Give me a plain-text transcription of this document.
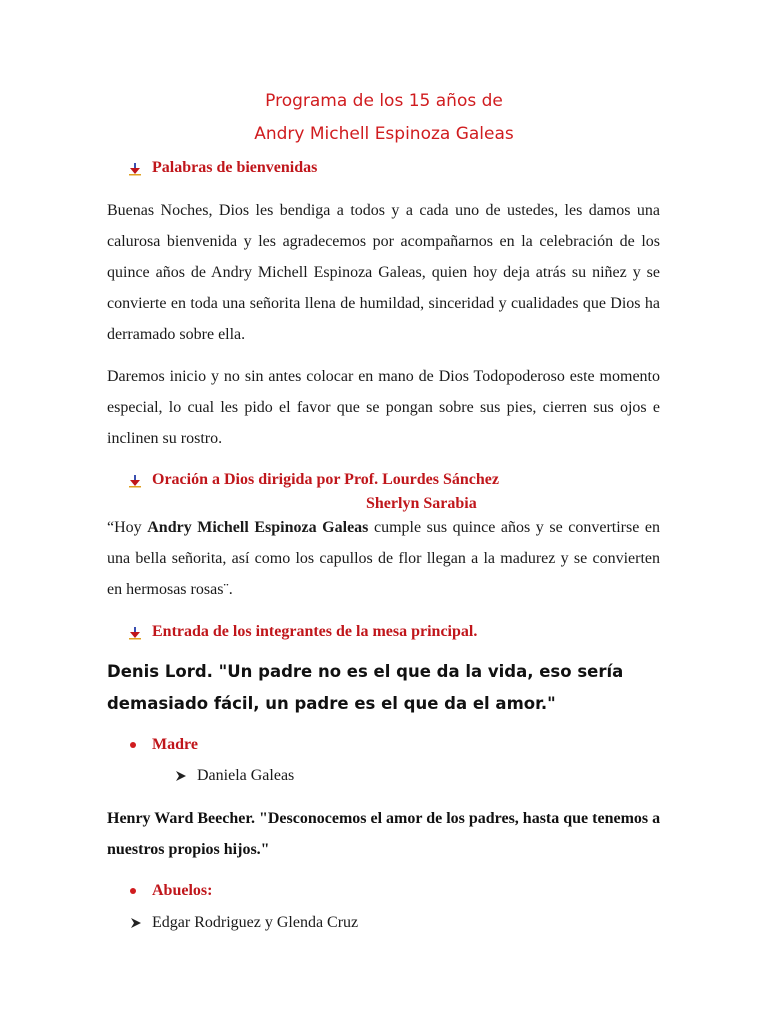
Programa de los 15 años de

Andry Michell Espinoza Galeas

Palabras de bienvenidas

Buenas Noches, Dios les bendiga a todos y a cada uno de ustedes, les damos una calurosa bienvenida y les agradecemos por acompañarnos en la celebración de los quince años de Andry Michell Espinoza Galeas, quien hoy deja atrás su niñez y se convierte en toda una señorita llena de humildad, sinceridad y cualidades que Dios ha derramado sobre ella.

Daremos inicio y no sin antes colocar en mano de Dios Todopoderoso este momento especial, lo cual les pido el favor que se pongan sobre sus pies, cierren sus ojos e inclinen su rostro.

Oración a Dios dirigida por Prof. Lourdes Sánchez
Sherlyn Sarabia

“Hoy Andry Michell Espinoza Galeas cumple sus quince años y se convertirse en una bella señorita, así como los capullos de flor llegan a la madurez y se convierten en hermosas rosas¨.

Entrada de los integrantes de la mesa principal.

Denis Lord. "Un padre no es el que da la vida, eso sería demasiado fácil, un padre es el que da el amor."

Madre
Daniela Galeas

Henry Ward Beecher. "Desconocemos el amor de los padres, hasta que tenemos a nuestros propios hijos."

Abuelos:
Edgar Rodriguez y Glenda Cruz
